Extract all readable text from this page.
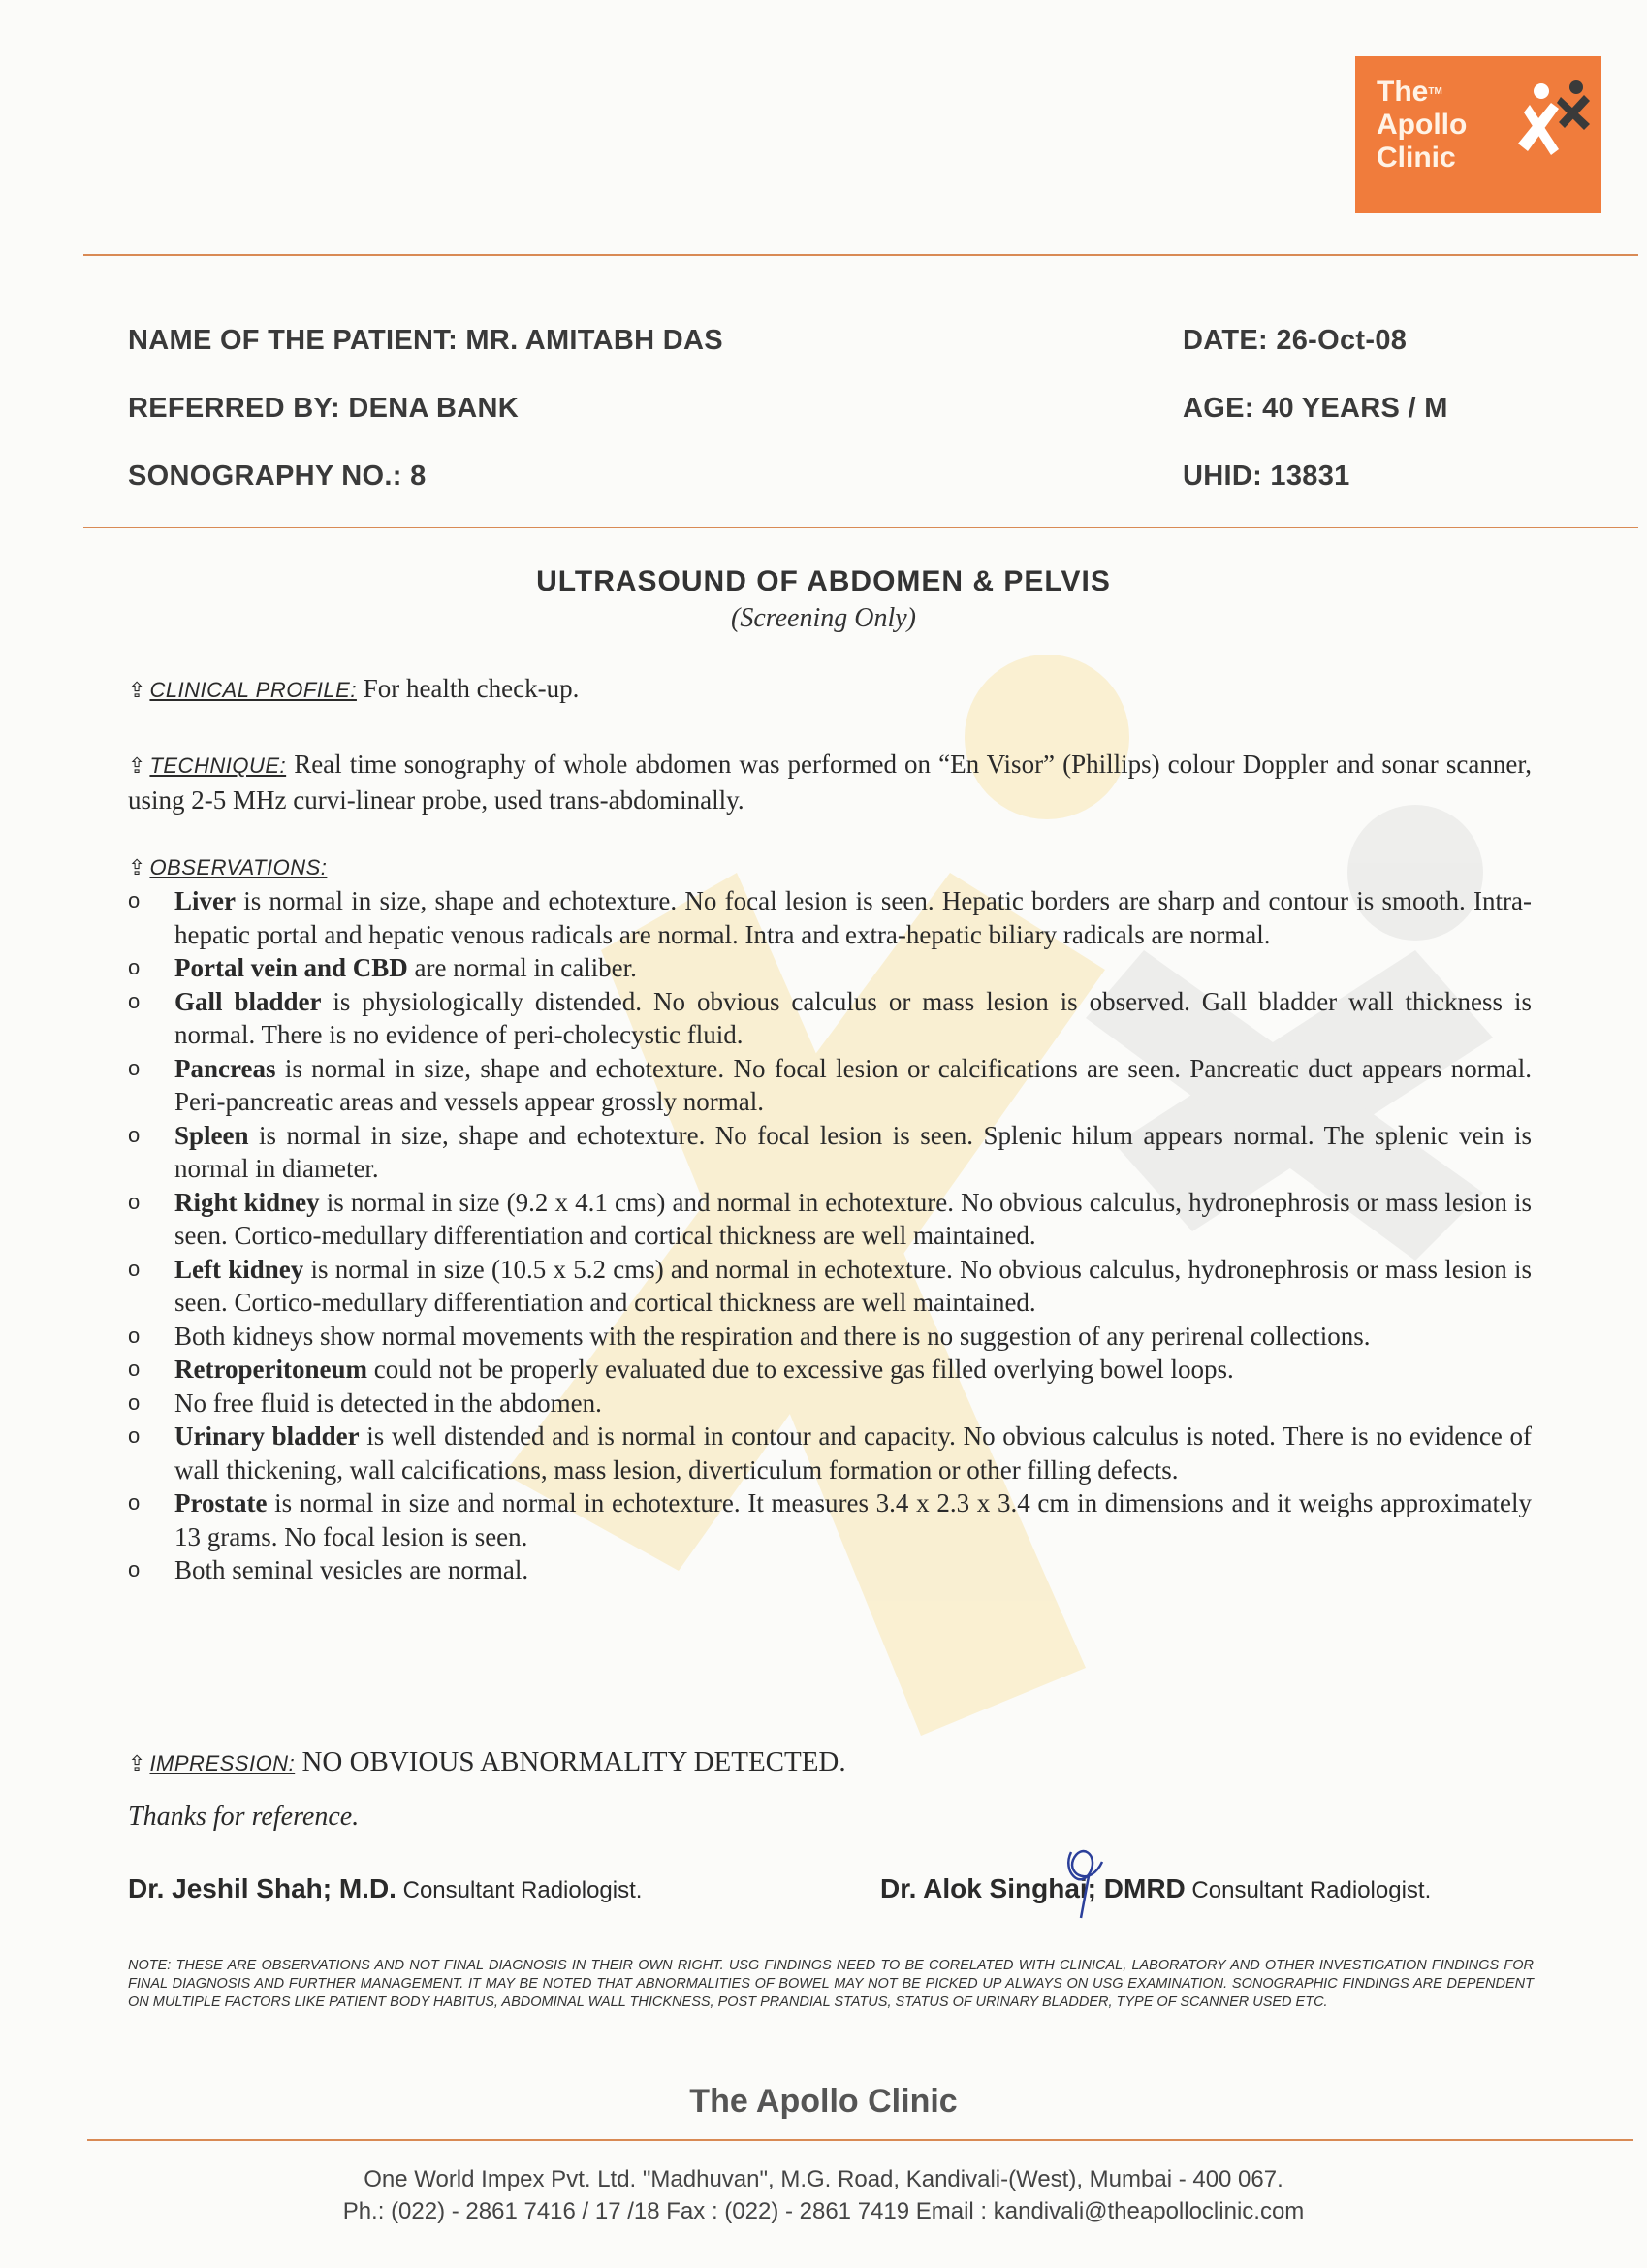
The™
Apollo
Clinic
NAME OF THE PATIENT: MR. AMITABH DAS
REFERRED BY: DENA BANK
SONOGRAPHY NO.: 8
DATE: 26-Oct-08
AGE: 40 YEARS / M
UHID: 13831
ULTRASOUND OF ABDOMEN & PELVIS
(Screening Only)
⇪ CLINICAL PROFILE: For health check-up.
⇪ TECHNIQUE: Real time sonography of whole abdomen was performed on “En Visor” (Phillips) colour Doppler and sonar scanner, using 2-5 MHz curvi-linear probe, used trans-abdominally.
⇪ OBSERVATIONS:
o Liver is normal in size, shape and echotexture. No focal lesion is seen. Hepatic borders are sharp and contour is smooth. Intra-hepatic portal and hepatic venous radicals are normal. Intra and extra-hepatic biliary radicals are normal.
o Portal vein and CBD are normal in caliber.
o Gall bladder is physiologically distended. No obvious calculus or mass lesion is observed. Gall bladder wall thickness is normal. There is no evidence of peri-cholecystic fluid.
o Pancreas is normal in size, shape and echotexture. No focal lesion or calcifications are seen. Pancreatic duct appears normal. Peri-pancreatic areas and vessels appear grossly normal.
o Spleen is normal in size, shape and echotexture. No focal lesion is seen. Splenic hilum appears normal. The splenic vein is normal in diameter.
o Right kidney is normal in size (9.2 x 4.1 cms) and normal in echotexture. No obvious calculus, hydronephrosis or mass lesion is seen. Cortico-medullary differentiation and cortical thickness are well maintained.
o Left kidney is normal in size (10.5 x 5.2 cms) and normal in echotexture. No obvious calculus, hydronephrosis or mass lesion is seen. Cortico-medullary differentiation and cortical thickness are well maintained.
o Both kidneys show normal movements with the respiration and there is no suggestion of any perirenal collections.
o Retroperitoneum could not be properly evaluated due to excessive gas filled overlying bowel loops.
o No free fluid is detected in the abdomen.
o Urinary bladder is well distended and is normal in contour and capacity. No obvious calculus is noted. There is no evidence of wall thickening, wall calcifications, mass lesion, diverticulum formation or other filling defects.
o Prostate is normal in size and normal in echotexture. It measures 3.4 x 2.3 x 3.4 cm in dimensions and it weighs approximately 13 grams. No focal lesion is seen.
o Both seminal vesicles are normal.
⇪ IMPRESSION: NO OBVIOUS ABNORMALITY DETECTED.
Thanks for reference.
Dr. Jeshil Shah; M.D. Consultant Radiologist.	Dr. Alok Singhai; DMRD Consultant Radiologist.
NOTE: THESE ARE OBSERVATIONS AND NOT FINAL DIAGNOSIS IN THEIR OWN RIGHT. USG FINDINGS NEED TO BE CORELATED WITH CLINICAL, LABORATORY AND OTHER INVESTIGATION FINDINGS FOR FINAL DIAGNOSIS AND FURTHER MANAGEMENT. IT MAY BE NOTED THAT ABNORMALITIES OF BOWEL MAY NOT BE PICKED UP ALWAYS ON USG EXAMINATION. SONOGRAPHIC FINDINGS ARE DEPENDENT ON MULTIPLE FACTORS LIKE PATIENT BODY HABITUS, ABDOMINAL WALL THICKNESS, POST PRANDIAL STATUS, STATUS OF URINARY BLADDER, TYPE OF SCANNER USED ETC.
The Apollo Clinic
One World Impex Pvt. Ltd. "Madhuvan", M.G. Road, Kandivali-(West), Mumbai - 400 067.
Ph.: (022) - 2861 7416 / 17 /18 Fax : (022) - 2861 7419 Email : kandivali@theapolloclinic.com
